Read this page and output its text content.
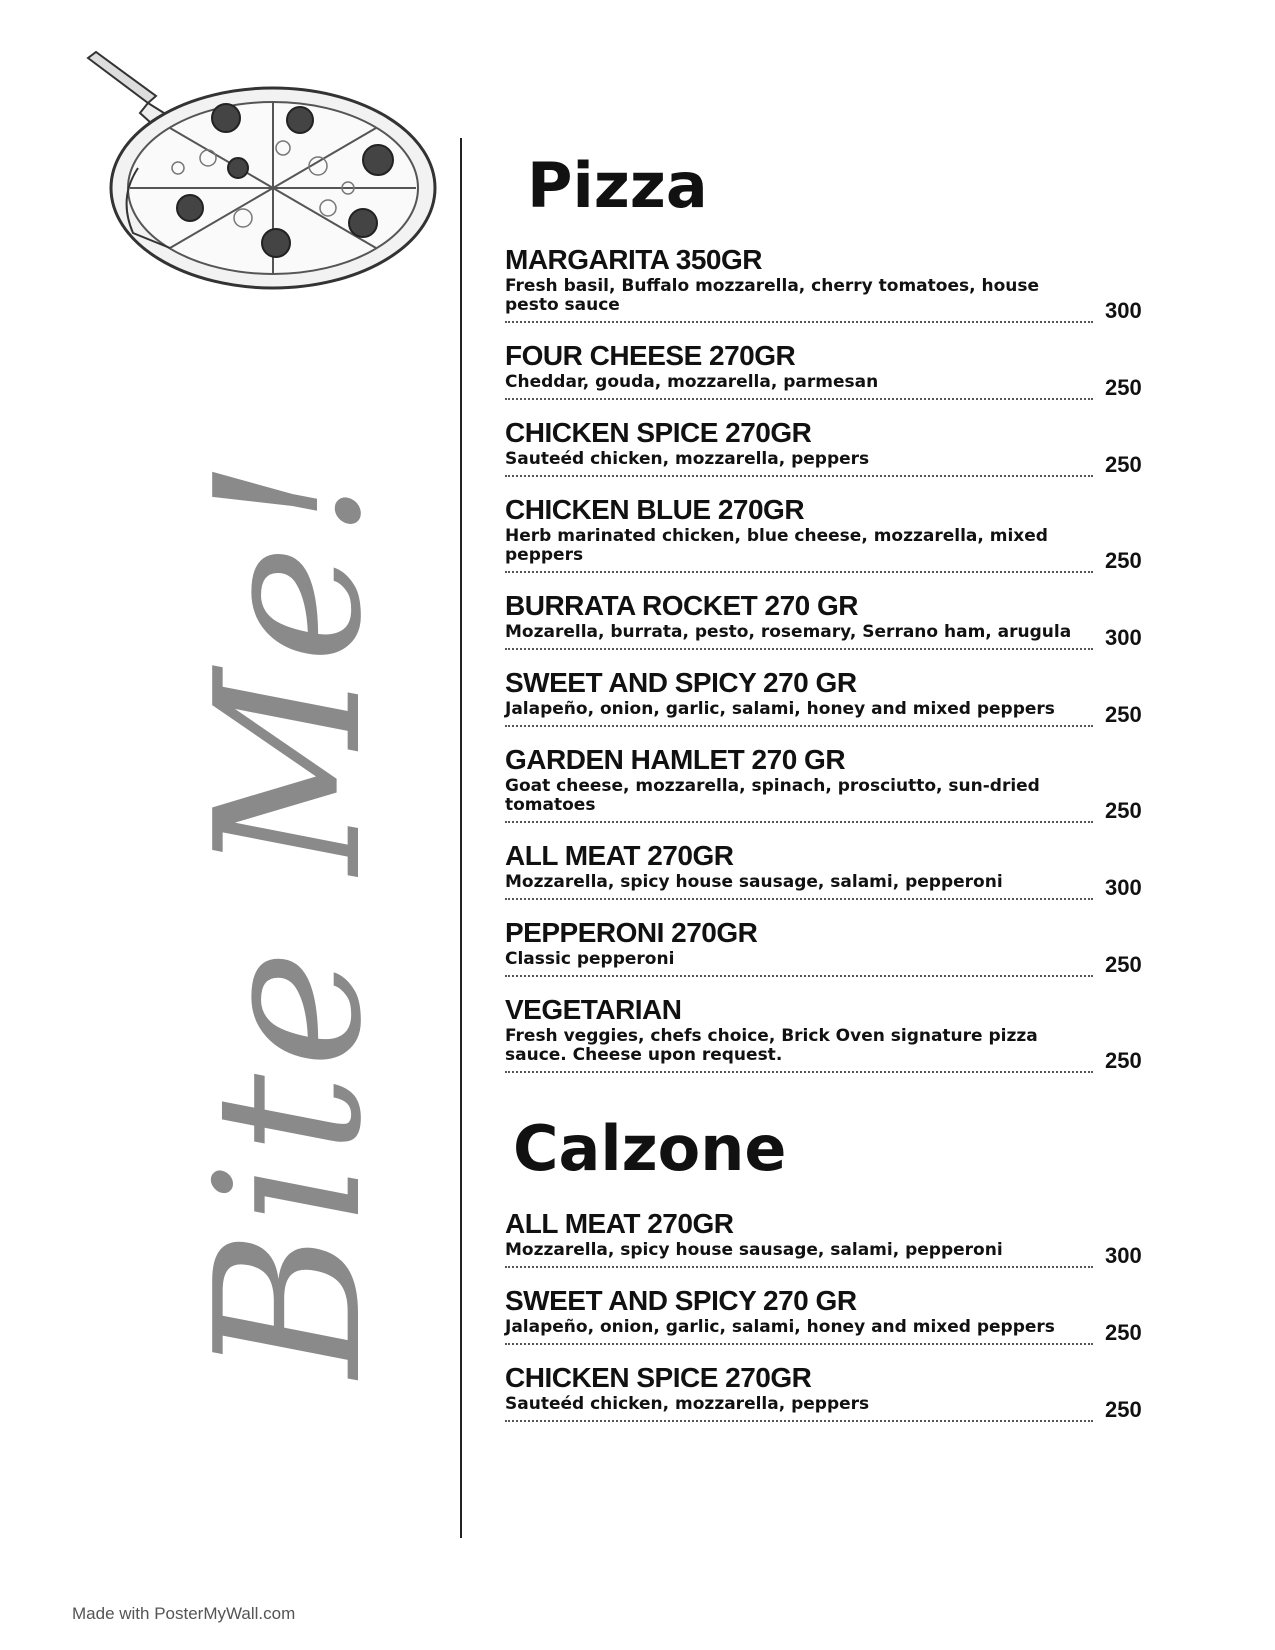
Bite Me!
Pizza
MARGARITA 350GR
Fresh basil, Buffalo mozzarella, cherry tomatoes, house pesto sauce	300
FOUR CHEESE 270GR
Cheddar, gouda, mozzarella, parmesan	250
CHICKEN SPICE 270GR
Sauteéd chicken, mozzarella, peppers	250
CHICKEN BLUE 270GR
Herb marinated chicken, blue cheese, mozzarella, mixed peppers	250
BURRATA ROCKET 270 GR
Mozarella, burrata, pesto, rosemary, Serrano ham, arugula	300
SWEET AND SPICY 270 GR
Jalapeño, onion, garlic, salami, honey and mixed peppers	250
GARDEN HAMLET 270 GR
Goat cheese, mozzarella, spinach, prosciutto, sun-dried tomatoes	250
ALL MEAT 270GR
Mozzarella, spicy house sausage, salami, pepperoni	300
PEPPERONI 270GR
Classic pepperoni	250
VEGETARIAN
Fresh veggies, chefs choice, Brick Oven signature pizza sauce. Cheese upon request.	250
Calzone
ALL MEAT 270GR
Mozzarella, spicy house sausage, salami, pepperoni	300
SWEET AND SPICY 270 GR
Jalapeño, onion, garlic, salami, honey and mixed peppers	250
CHICKEN SPICE 270GR
Sauteéd chicken, mozzarella, peppers	250
Made with PosterMyWall.com
